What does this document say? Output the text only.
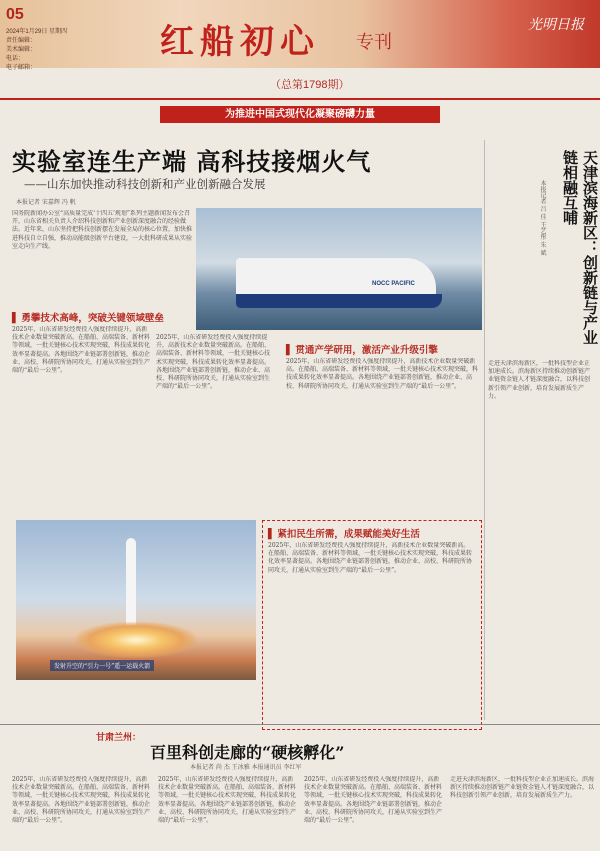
05
2024年1月29日 星期四
责任编辑：
美术编辑：
电话：
电子邮箱：
红船初心 专刊
光明日报
（总第1798期）
为推进中国式现代化凝聚磅礴力量
实验室连生产端 高科技接烟火气
——山东加快推动科技创新和产业创新融合发展
本报记者 宋嘉辉 冯 帆
国务院新闻办公室“高质量完成‘十四五’规划”系列主题新闻发布会召开，山东省相关负责人介绍科技创新和产业创新深度融合的经验做法。近年来，山东坚持把科技创新摆在发展全局的核心位置，加快推进科技自立自强，推动高能级创新平台建设，一大批科研成果从实验室走向生产线。
NOCC PACIFIC	天津滨海新区：创新链与产业链相融互哺
本报记者 吕 佳 王艺彤 朱 斌
走进天津滨海新区，一批科技型企业正加速成长。滨海新区持续推动创新链产业链资金链人才链深度融合，以科技创新引领产业创新，培育发展新质生产力。
▌ 勇攀技术高峰，突破关键领域壁垒
2025年，山东省研发经费投入强度持续提升，高新技术企业数量突破新高。在船舶、高端装备、新材料等领域，一批关键核心技术实现突破，科技成果转化效率显著提高。各地围绕产业链部署创新链，推动企业、高校、科研院所协同攻关，打通从实验室到生产端的“最后一公里”。
2025年，山东省研发经费投入强度持续提升，高新技术企业数量突破新高。在船舶、高端装备、新材料等领域，一批关键核心技术实现突破，科技成果转化效率显著提高。各地围绕产业链部署创新链，推动企业、高校、科研院所协同攻关，打通从实验室到生产端的“最后一公里”。
▌ 贯通产学研用，激活产业升级引擎
2025年，山东省研发经费投入强度持续提升，高新技术企业数量突破新高。在船舶、高端装备、新材料等领域，一批关键核心技术实现突破，科技成果转化效率显著提高。各地围绕产业链部署创新链，推动企业、高校、科研院所协同攻关，打通从实验室到生产端的“最后一公里”。
发射升空的“引力一号”遥一运载火箭
▌ 紧扣民生所需，成果赋能美好生活
2025年，山东省研发经费投入强度持续提升，高新技术企业数量突破新高。在船舶、高端装备、新材料等领域，一批关键核心技术实现突破，科技成果转化效率显著提高。各地围绕产业链部署创新链，推动企业、高校、科研院所协同攻关，打通从实验室到生产端的“最后一公里”。
甘肃兰州：
百里科创走廊的“硬核孵化”
本报记者 尚 杰 王冰雅 本报通讯员 李红军
2025年，山东省研发经费投入强度持续提升，高新技术企业数量突破新高。在船舶、高端装备、新材料等领域，一批关键核心技术实现突破，科技成果转化效率显著提高。各地围绕产业链部署创新链，推动企业、高校、科研院所协同攻关，打通从实验室到生产端的“最后一公里”。
2025年，山东省研发经费投入强度持续提升，高新技术企业数量突破新高。在船舶、高端装备、新材料等领域，一批关键核心技术实现突破，科技成果转化效率显著提高。各地围绕产业链部署创新链，推动企业、高校、科研院所协同攻关，打通从实验室到生产端的“最后一公里”。
2025年，山东省研发经费投入强度持续提升，高新技术企业数量突破新高。在船舶、高端装备、新材料等领域，一批关键核心技术实现突破，科技成果转化效率显著提高。各地围绕产业链部署创新链，推动企业、高校、科研院所协同攻关，打通从实验室到生产端的“最后一公里”。
走进天津滨海新区，一批科技型企业正加速成长。滨海新区持续推动创新链产业链资金链人才链深度融合，以科技创新引领产业创新，培育发展新质生产力。
